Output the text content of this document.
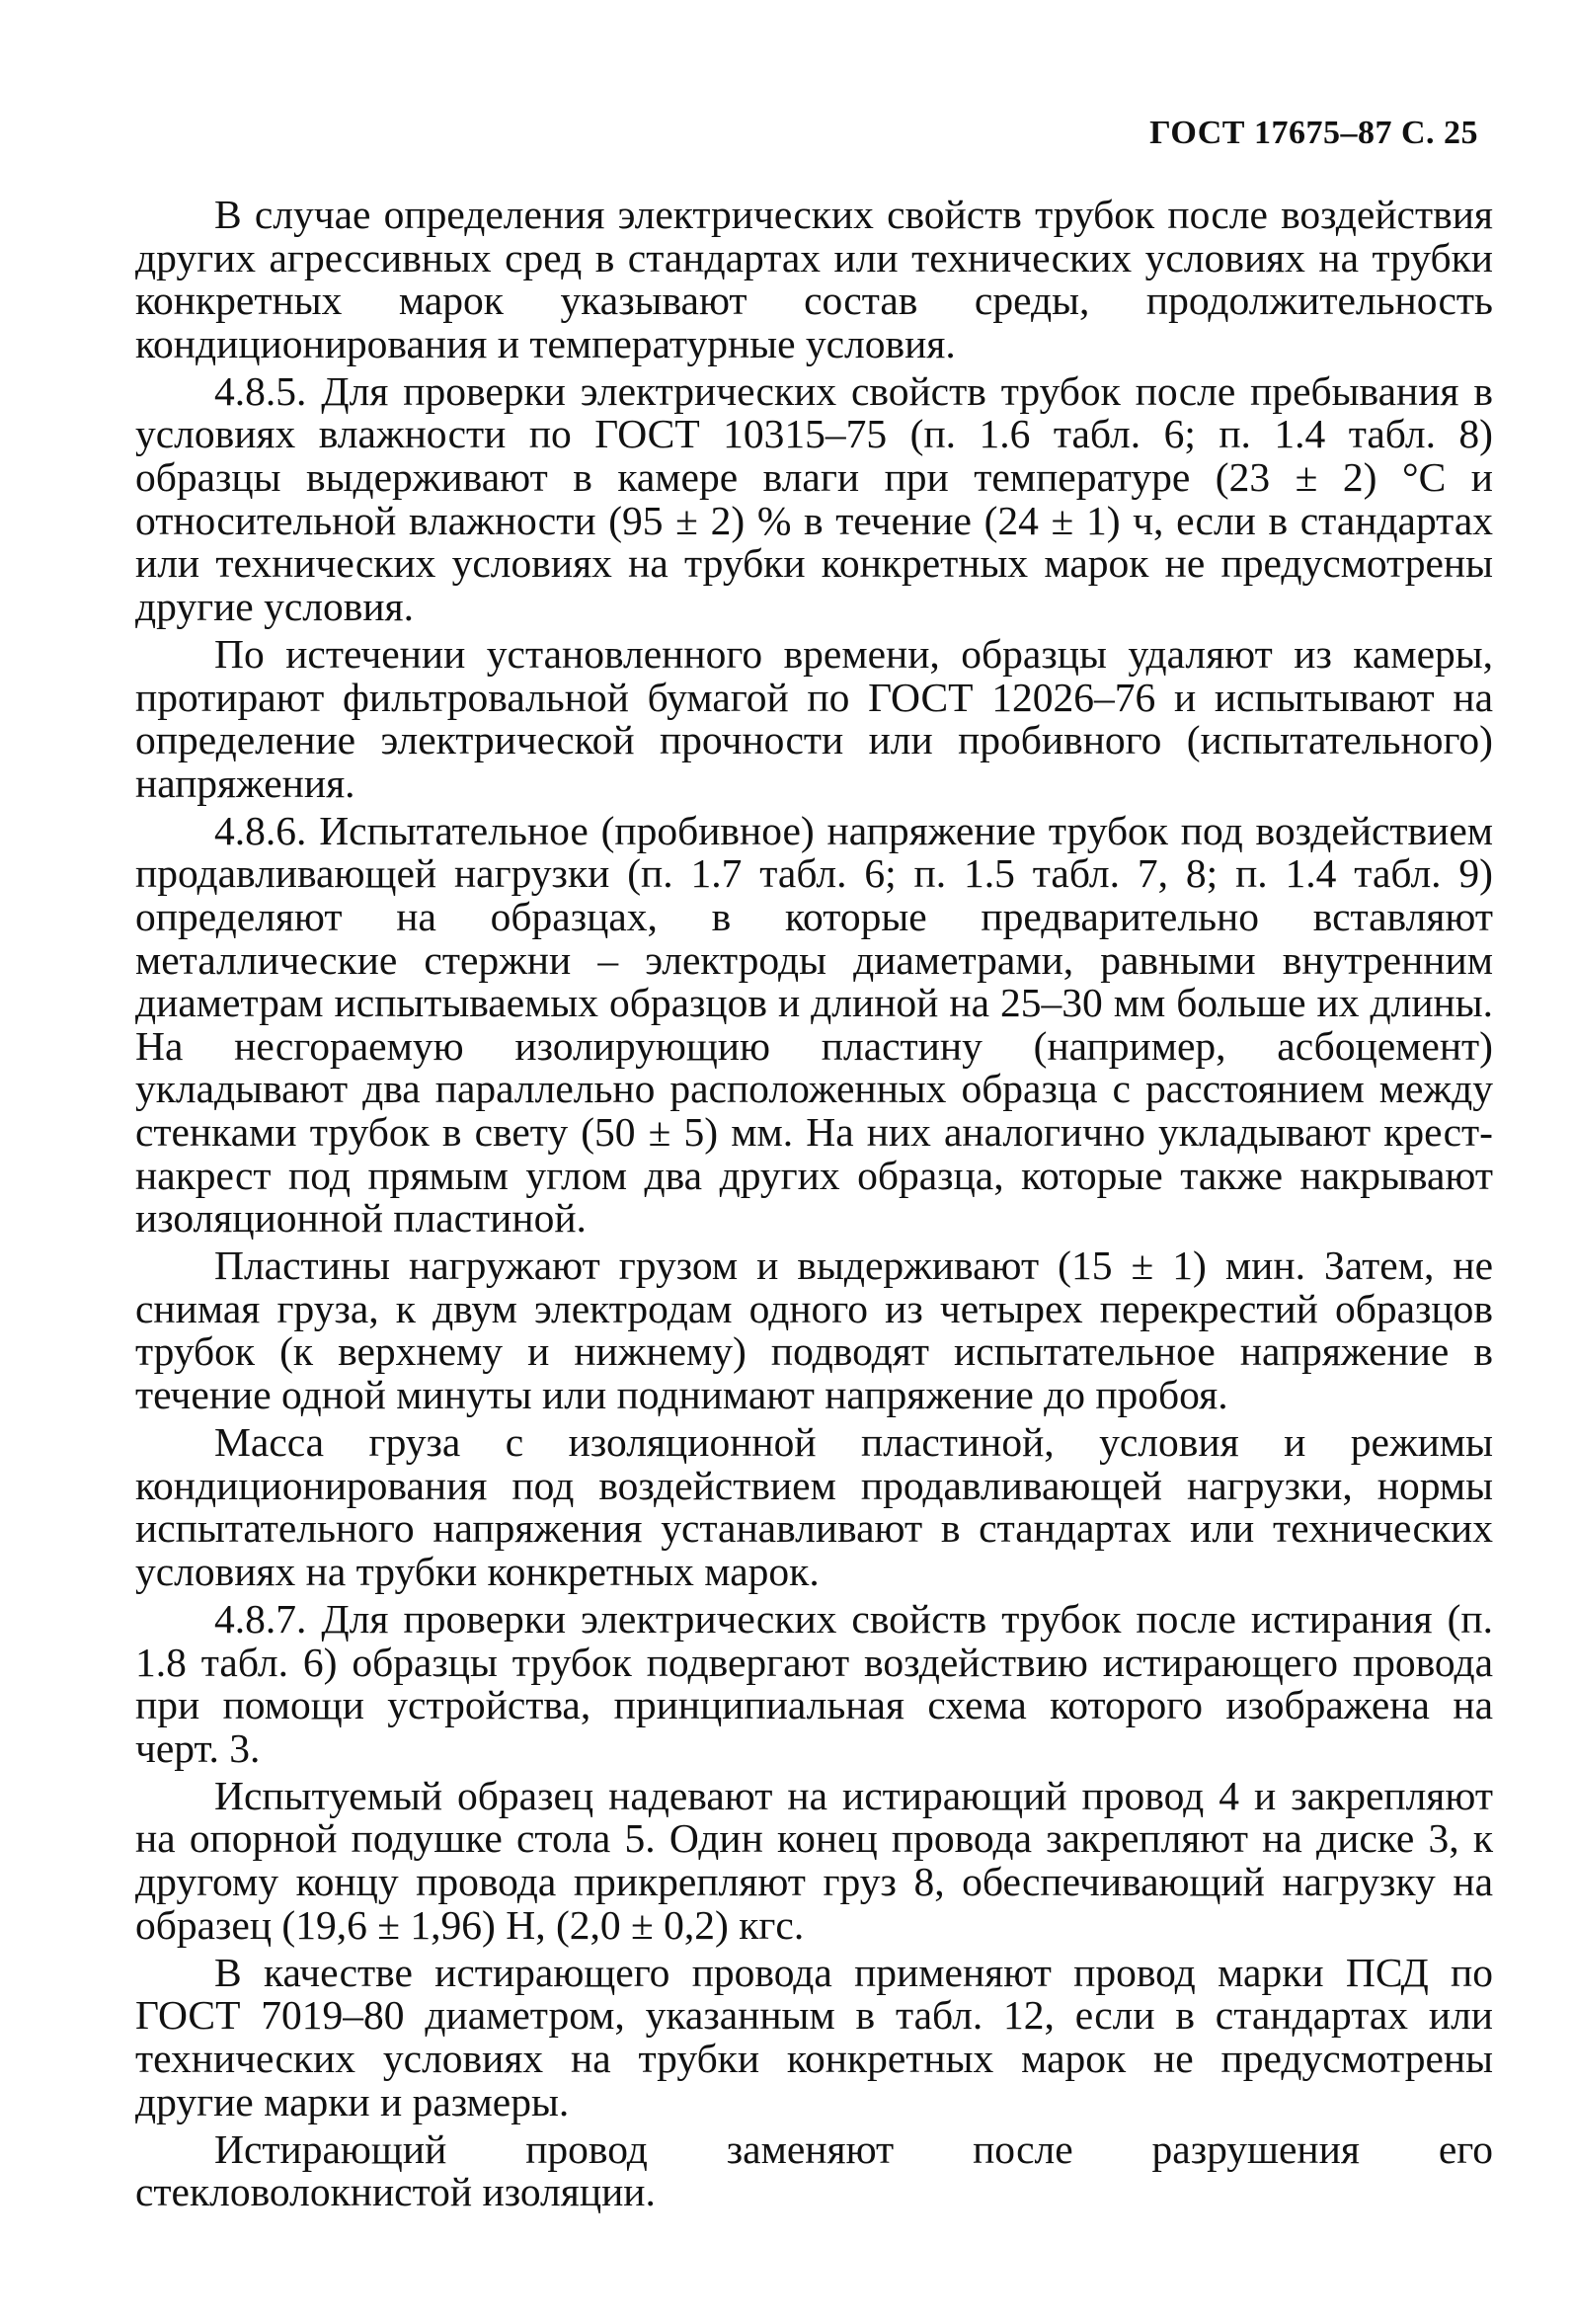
ГОСТ 17675–87 С. 25

В случае определения электрических свойств трубок после воздействия других агрессивных сред в стандартах или технических условиях на трубки конкретных марок указывают состав среды, продолжительность кондиционирования и температурные условия.

4.8.5. Для проверки электрических свойств трубок после пребывания в условиях влажности по ГОСТ 10315–75 (п. 1.6 табл. 6; п. 1.4 табл. 8) образцы выдерживают в камере влаги при температуре (23 ± 2) °С и относительной влажности (95 ± 2) % в течение (24 ± 1) ч, если в стандартах или технических условиях на трубки конкретных марок не предусмотрены другие условия.

По истечении установленного времени, образцы удаляют из камеры, протирают фильтровальной бумагой по ГОСТ 12026–76 и испытывают на определение электрической прочности или пробивного (испытательного) напряжения.

4.8.6. Испытательное (пробивное) напряжение трубок под воздействием продавливающей нагрузки (п. 1.7 табл. 6; п. 1.5 табл. 7, 8; п. 1.4 табл. 9) определяют на образцах, в которые предварительно вставляют металлические стержни – электроды диаметрами, равными внутренним диаметрам испытываемых образцов и длиной на 25–30 мм больше их длины. На несгораемую изолирующию пластину (например, асбоцемент) укладывают два параллельно расположенных образца с расстоянием между стенками трубок в свету (50 ± 5) мм. На них аналогично укладывают крест-накрест под прямым углом два других образца, которые также накрывают изоляционной пластиной.

Пластины нагружают грузом и выдерживают (15 ± 1) мин. Затем, не снимая груза, к двум электродам одного из четырех перекрестий образцов трубок (к верхнему и нижнему) подводят испытательное напряжение в течение одной минуты или поднимают напряжение до пробоя.

Масса груза с изоляционной пластиной, условия и режимы кондиционирования под воздействием продавливающей нагрузки, нормы испытательного напряжения устанавливают в стандартах или технических условиях на трубки конкретных марок.

4.8.7. Для проверки электрических свойств трубок после истирания (п. 1.8 табл. 6) образцы трубок подвергают воздействию истирающего провода при помощи устройства, принципиальная схема которого изображена на черт. 3.

Испытуемый образец надевают на истирающий провод 4 и закрепляют на опорной подушке стола 5. Один конец провода закрепляют на диске 3, к другому концу провода прикрепляют груз 8, обеспечивающий нагрузку на образец (19,6 ± 1,96) Н, (2,0 ± 0,2) кгс.

В качестве истирающего провода применяют провод марки ПСД по ГОСТ 7019–80 диаметром, указанным в табл. 12, если в стандартах или технических условиях на трубки конкретных марок не предусмотрены другие марки и размеры.

Истирающий провод заменяют после разрушения его стекловолокнистой изоляции.
